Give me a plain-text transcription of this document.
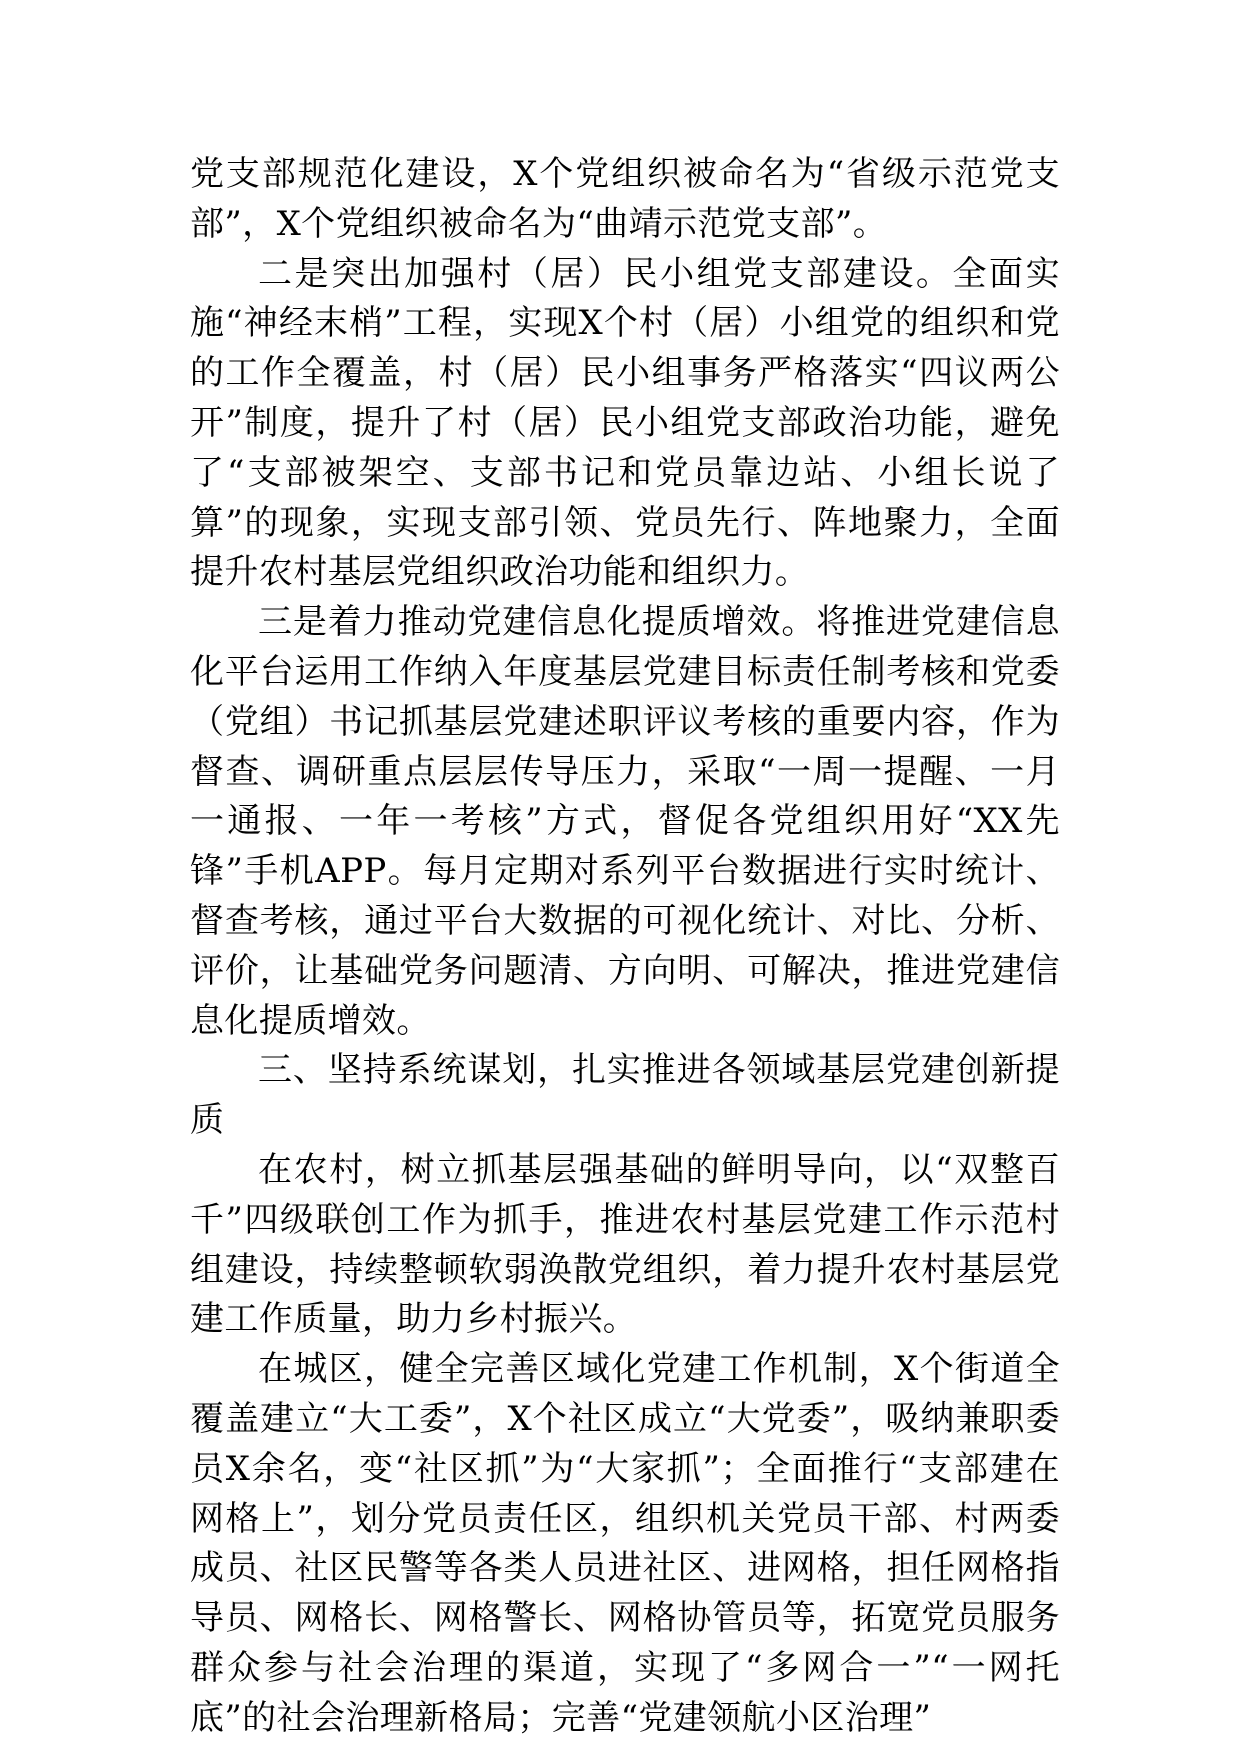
党支部规范化建设，X个党组织被命名为“省级示范党支部”，X个党组织被命名为“曲靖示范党支部”。

二是突出加强村（居）民小组党支部建设。全面实施“神经末梢”工程，实现X个村（居）小组党的组织和党的工作全覆盖，村（居）民小组事务严格落实“四议两公开”制度，提升了村（居）民小组党支部政治功能，避免了“支部被架空、支部书记和党员靠边站、小组长说了算”的现象，实现支部引领、党员先行、阵地聚力，全面提升农村基层党组织政治功能和组织力。

三是着力推动党建信息化提质增效。将推进党建信息化平台运用工作纳入年度基层党建目标责任制考核和党委（党组）书记抓基层党建述职评议考核的重要内容，作为督查、调研重点层层传导压力，采取“一周一提醒、一月一通报、一年一考核”方式，督促各党组织用好“XX先锋”手机APP。每月定期对系列平台数据进行实时统计、督查考核，通过平台大数据的可视化统计、对比、分析、评价，让基础党务问题清、方向明、可解决，推进党建信息化提质增效。

三、坚持系统谋划，扎实推进各领域基层党建创新提质

在农村，树立抓基层强基础的鲜明导向，以“双整百千”四级联创工作为抓手，推进农村基层党建工作示范村组建设，持续整顿软弱涣散党组织，着力提升农村基层党建工作质量，助力乡村振兴。

在城区，健全完善区域化党建工作机制，X个街道全覆盖建立“大工委”，X个社区成立“大党委”，吸纳兼职委员X余名，变“社区抓”为“大家抓”；全面推行“支部建在网格上”，划分党员责任区，组织机关党员干部、村两委成员、社区民警等各类人员进社区、进网格，担任网格指导员、网格长、网格警长、网格协管员等，拓宽党员服务群众参与社会治理的渠道，实现了“多网合一”“一网托底”的社会治理新格局；完善“党建领航小区治理”
